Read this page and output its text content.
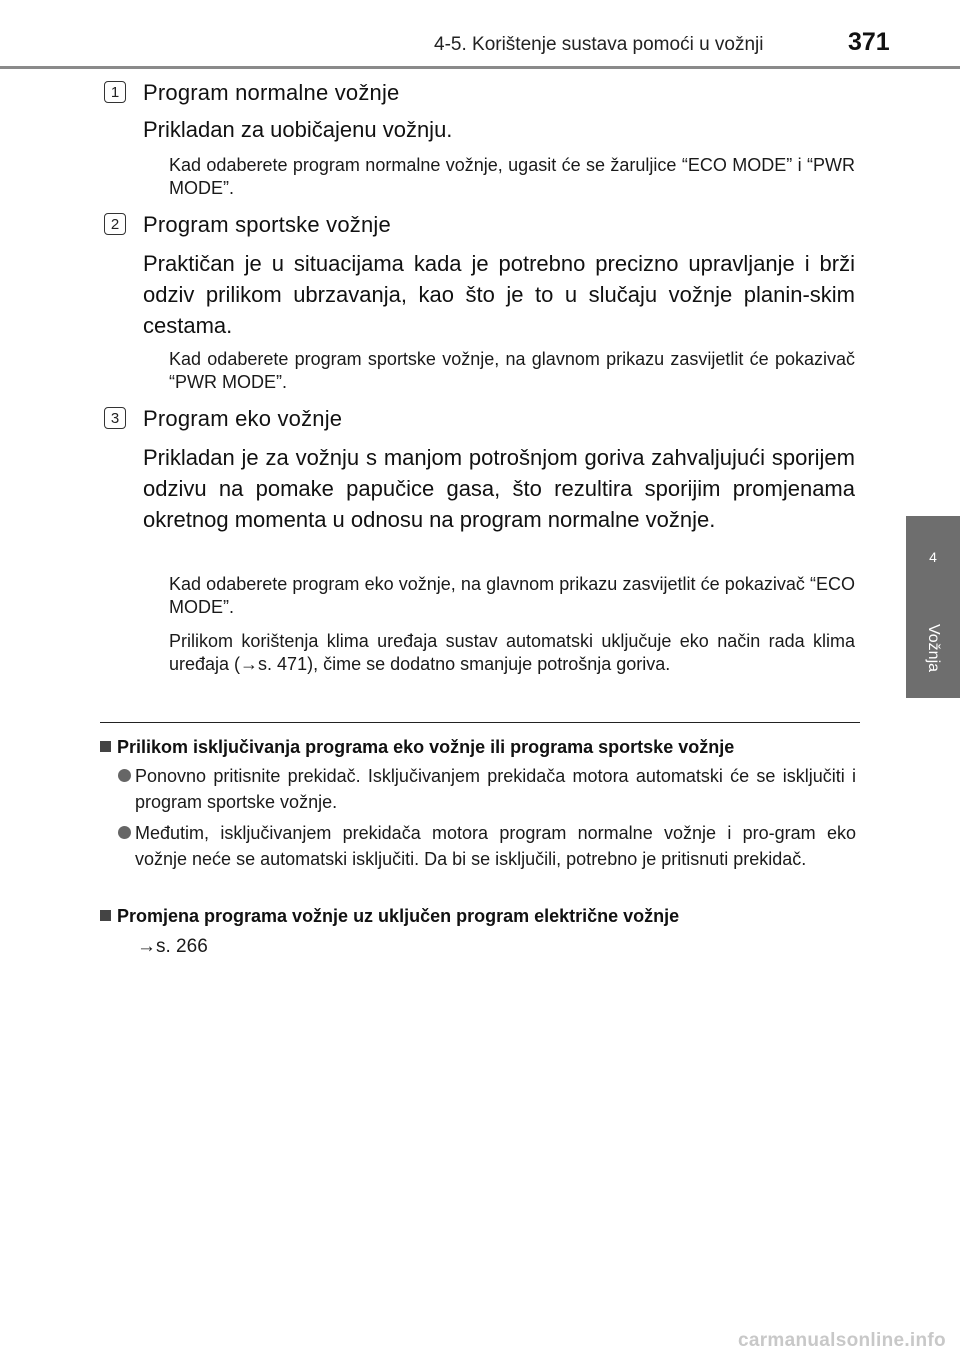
4-5. Korištenje sustava pomoći u vožnji	371
4
Vožnja
1	Program normalne vožnje
Prikladan za uobičajenu vožnju.
Kad odaberete program normalne vožnje, ugasit će se žaruljice “ECO MODE” i “PWR MODE”.
2	Program sportske vožnje
Praktičan je u situacijama kada je potrebno precizno upravljanje i brži odziv prilikom ubrzavanja, kao što je to u slučaju vožnje planin-skim cestama.
Kad odaberete program sportske vožnje, na glavnom prikazu zasvijetlit će pokazivač “PWR MODE”.
3	Program eko vožnje
Prikladan je za vožnju s manjom potrošnjom goriva zahvaljujući sporijem odzivu na pomake papučice gasa, što rezultira sporijim promjenama okretnog momenta u odnosu na program normalne vožnje.
Kad odaberete program eko vožnje, na glavnom prikazu zasvijetlit će pokazivač “ECO MODE”.
Prilikom korištenja klima uređaja sustav automatski uključuje eko način rada klima uređaja (→s. 471), čime se dodatno smanjuje potrošnja goriva.
Prilikom isključivanja programa eko vožnje ili programa sportske vožnje
Ponovno pritisnite prekidač. Isključivanjem prekidača motora automatski će se isključiti i program sportske vožnje.
Međutim, isključivanjem prekidača motora program normalne vožnje i pro-gram eko vožnje neće se automatski isključiti. Da bi se isključili, potrebno je pritisnuti prekidač.
Promjena programa vožnje uz uključen program električne vožnje
→s. 266
carmanualsonline.info
